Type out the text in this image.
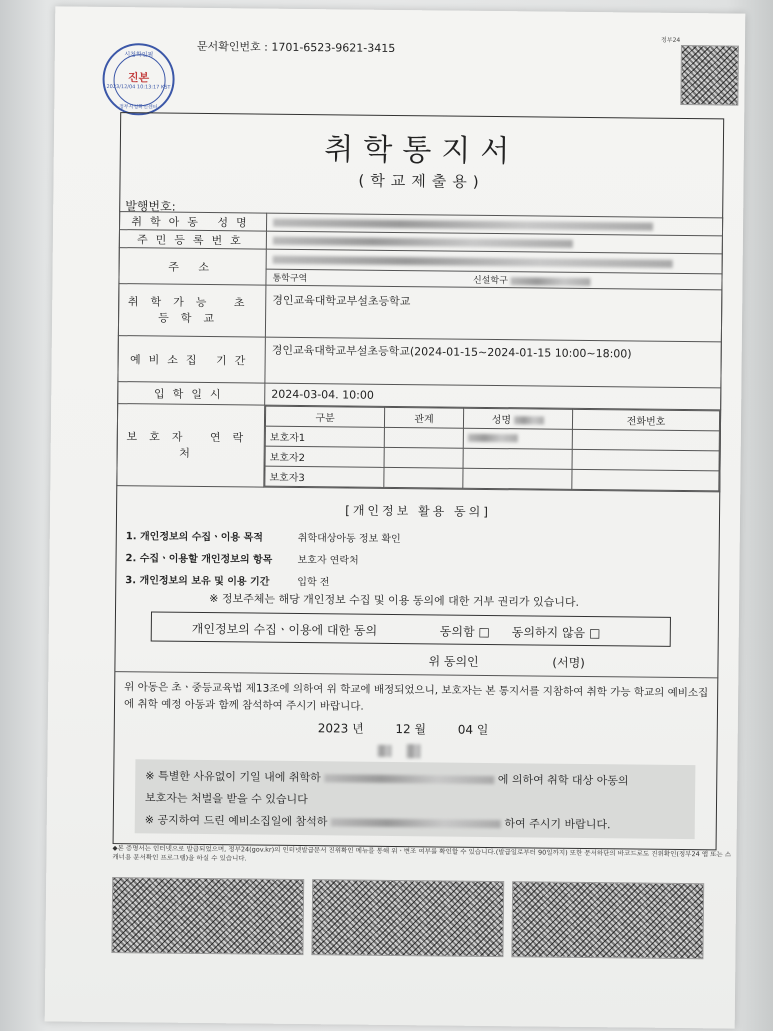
시청확인필
진본
2023/12/04 10:13:17 KST
정부시청확인센터
문서확인번호 : 1701-6523-9621-3415	정부24
취학통지서
(학교제출용)
발행번호:
취학아동 성명	
주민등록번호	
주 소	
통학구역	신설학구
취학가능 초등학교	경인교육대학교부설초등학교
예비소집 기간	경인교육대학교부설초등학교(2024-01-15~2024-01-15 10:00~18:00)
입학일시	2024-03-04. 10:00
보호자 연락처	
구분	관계	성명	전화번호
보호자1			
보호자2			
보호자3			
[개인정보 활용 동의]
1. 개인정보의 수집ㆍ이용 목적	취학대상아동 정보 확인
2. 수집ㆍ이용할 개인정보의 항목	보호자 연락처
3. 개인정보의 보유 및 이용 기간	입학 전
※ 정보주체는 해당 개인정보 수집 및 이용 동의에 대한 거부 권리가 있습니다.
개인정보의 수집ㆍ이용에 대한 동의	동의함 □ 동의하지 않음 □
위 동의인	(서명)
위 아동은 초ㆍ중등교육법 제13조에 의하여 위 학교에 배정되었으니, 보호자는 본 통지서를 지참하여 취학 가능 학교의 예비소집에 취학 예정 아동과 함께 참석하여 주시기 바랍니다.
2023 년	12 월	04 일

※ 특별한 사유없이 기일 내에 취학하	에 의하여 취학 대상 아동의
보호자는 처벌을 받을 수 있습니다
※ 공지하여 드린 예비소집일에 참석하	하여 주시기 바랍니다.
◆본 증명서는 인터넷으로 발급되었으며, 정부24(gov.kr)의 인터넷발급문서 진위확인 메뉴를 통해 위ㆍ변조 여부를 확인할 수 있습니다.(발급일로부터 90일까지) 또한 문서하단의 바코드로도 진위확인(정부24 앱 또는 스캐너용 문서확인 프로그램)을 하실 수 있습니다.
